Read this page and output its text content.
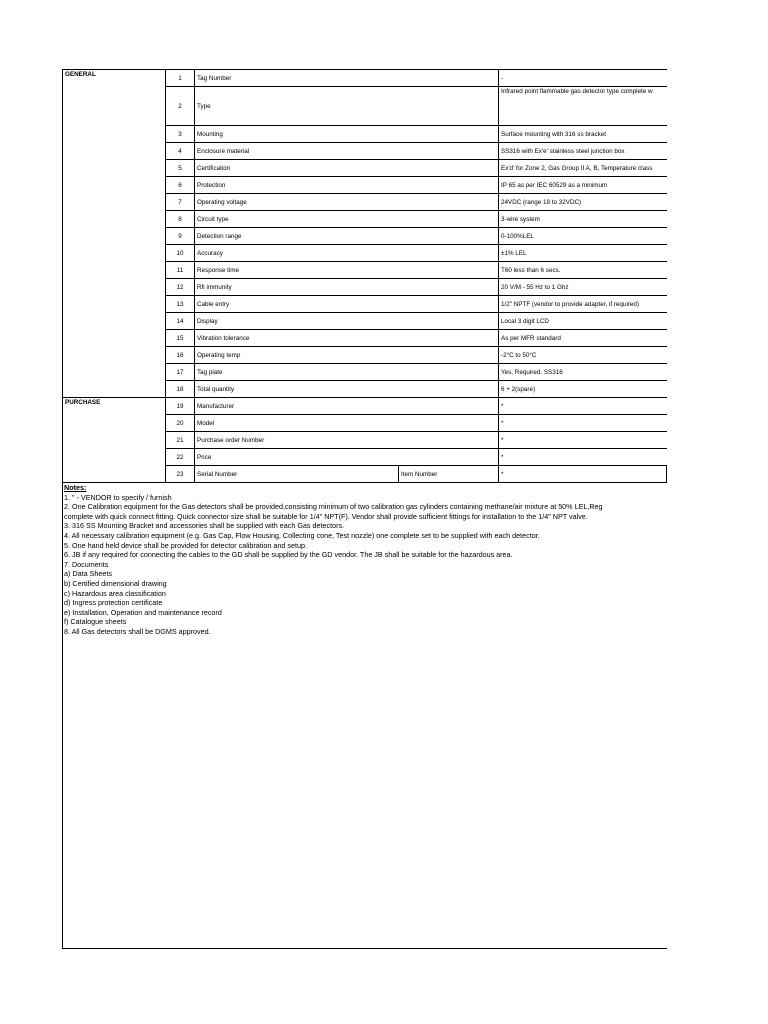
GENERAL	1	Tag Number		-
	2	Type		Infrared point flammable gas detector type complete w
	3	Mounting		Surface mounting with 316 ss bracket
	4	Enclosure material		SS316 with Ex'e' stainless steel junction box
	5	Certification		Ex'd' for Zone 2, Gas Group II A, B, Temperature class
	6	Protection		IP 65 as per IEC 60529 as a minimum
	7	Operating voltage		24VDC (range 18 to 32VDC)
	8	Circuit type		3-wire system
	9	Detection range		0-100%LEL
	10	Accuracy		±1% LEL
	11	Response time		T60 less than 6 secs.
	12	Rfi immunity		20 V/M - 55 Hz to 1 Ghz
	13	Cable entry		1/2" NPTF (vendor to provide adapter, if required)
	14	Display		Local 3 digit LCD
	15	Vibration tolerance		As per MFR standard
	16	Operating temp		-2°C to 50°C
	17	Tag plate		Yes, Required. SS316
	18	Total quantity		6 + 2(spare)
PURCHASE	19	Manufacturer		*
	20	Model		*
	21	Purchase order Number		*
	22	Price		*
	23	Serial Number	Item Number	*
Notes:
1. " - VENDOR to specify / furnish
2. One Calibration equipment for the Gas detectors shall be provided,consisting minimum of two calibration gas cylinders containing methane/air mixture at 50% LEL,Reg
complete with quick connect fitting. Quick connector size shall be suitable for 1/4" NPT(F). Vendor shall provide sufficient fittings for installation to the 1/4" NPT valve.
3. 316 SS Mounting Bracket and accessories shall be supplied with each Gas detectors.
4. All necessary calibration equipment (e.g. Gas Cap, Flow Housing, Collecting cone, Test nozzle) one complete set to be supplied with each detector.
5. One hand held device shall be provided for detector calibration and setup.
6. JB if any required for connecting the cables to the GD shall be supplied by the GD vendor. The JB shall be suitable for the hazardous area.
7. Documents
a) Data Sheets
b) Certified dimensional drawing
c) Hazardous area classification
d) Ingress protection certificate
e) Installation, Operation and maintenance record
f) Catalogue sheets
8. All Gas detectors shall be DGMS approved.
